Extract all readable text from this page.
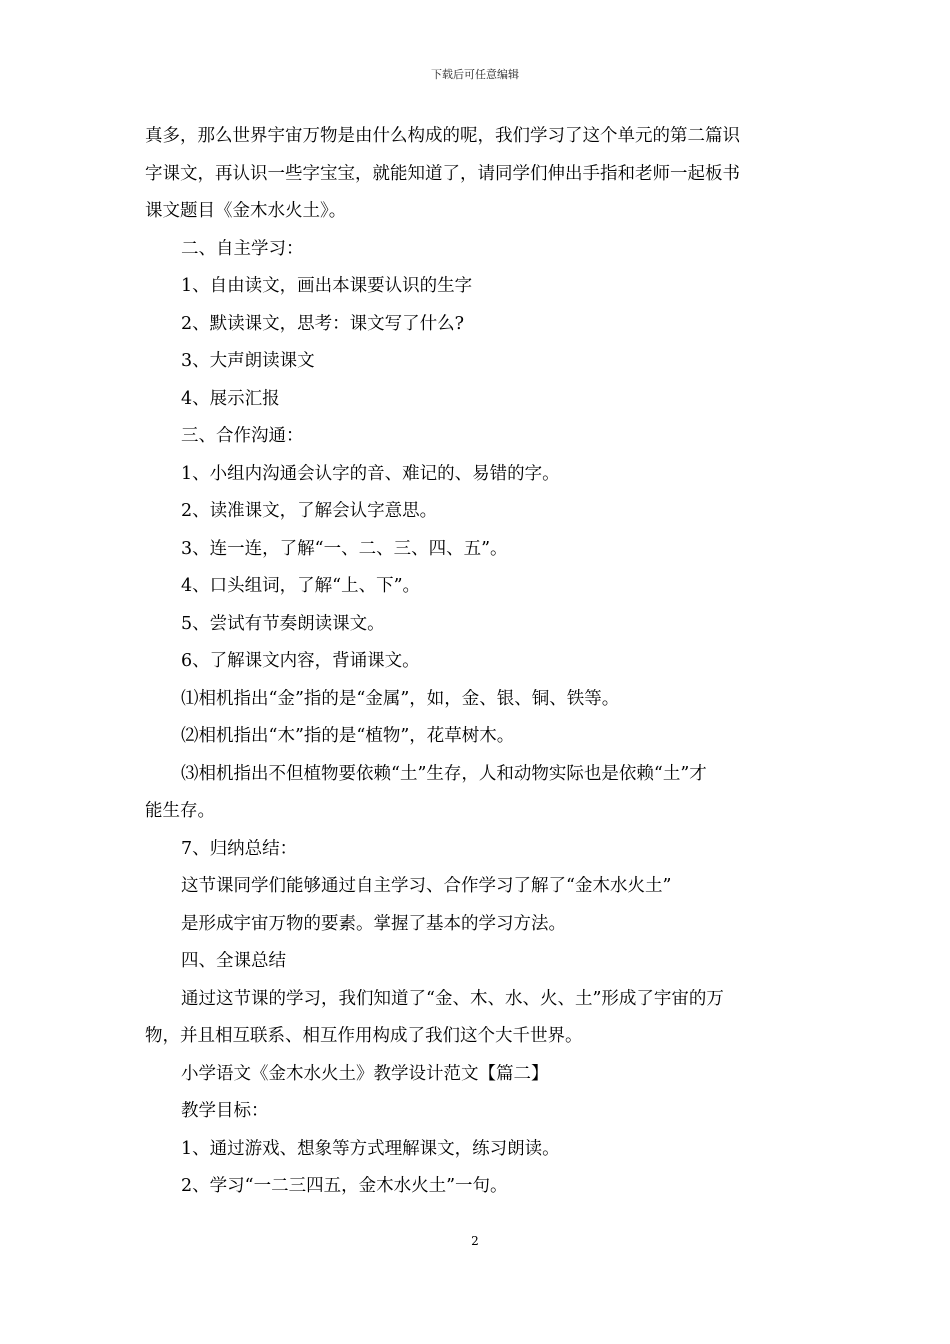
下载后可任意编辑

真多，那么世界宇宙万物是由什么构成的呢，我们学习了这个单元的第二篇识

字课文，再认识一些字宝宝，就能知道了，请同学们伸出手指和老师一起板书

课文题目《金木水火土》。

二、自主学习：

1、自由读文，画出本课要认识的生字

2、默读课文，思考：课文写了什么?

3、大声朗读课文

4、展示汇报

三、合作沟通：

1、小组内沟通会认字的音、难记的、易错的字。

2、读准课文，了解会认字意思。

3、连一连，了解“一、二、三、四、五”。

4、口头组词，了解“上、下”。

5、尝试有节奏朗读课文。

6、了解课文内容，背诵课文。

⑴相机指出“金”指的是“金属”，如，金、银、铜、铁等。

⑵相机指出“木”指的是“植物”，花草树木。

⑶相机指出不但植物要依赖“土”生存，人和动物实际也是依赖“土”才

能生存。

7、归纳总结：

这节课同学们能够通过自主学习、合作学习了解了“金木水火土”

是形成宇宙万物的要素。掌握了基本的学习方法。

四、全课总结

通过这节课的学习，我们知道了“金、木、水、火、土”形成了宇宙的万

物，并且相互联系、相互作用构成了我们这个大千世界。

小学语文《金木水火土》教学设计范文【篇二】

教学目标：

1、通过游戏、想象等方式理解课文，练习朗读。

2、学习“一二三四五，金木水火土”一句。

2
